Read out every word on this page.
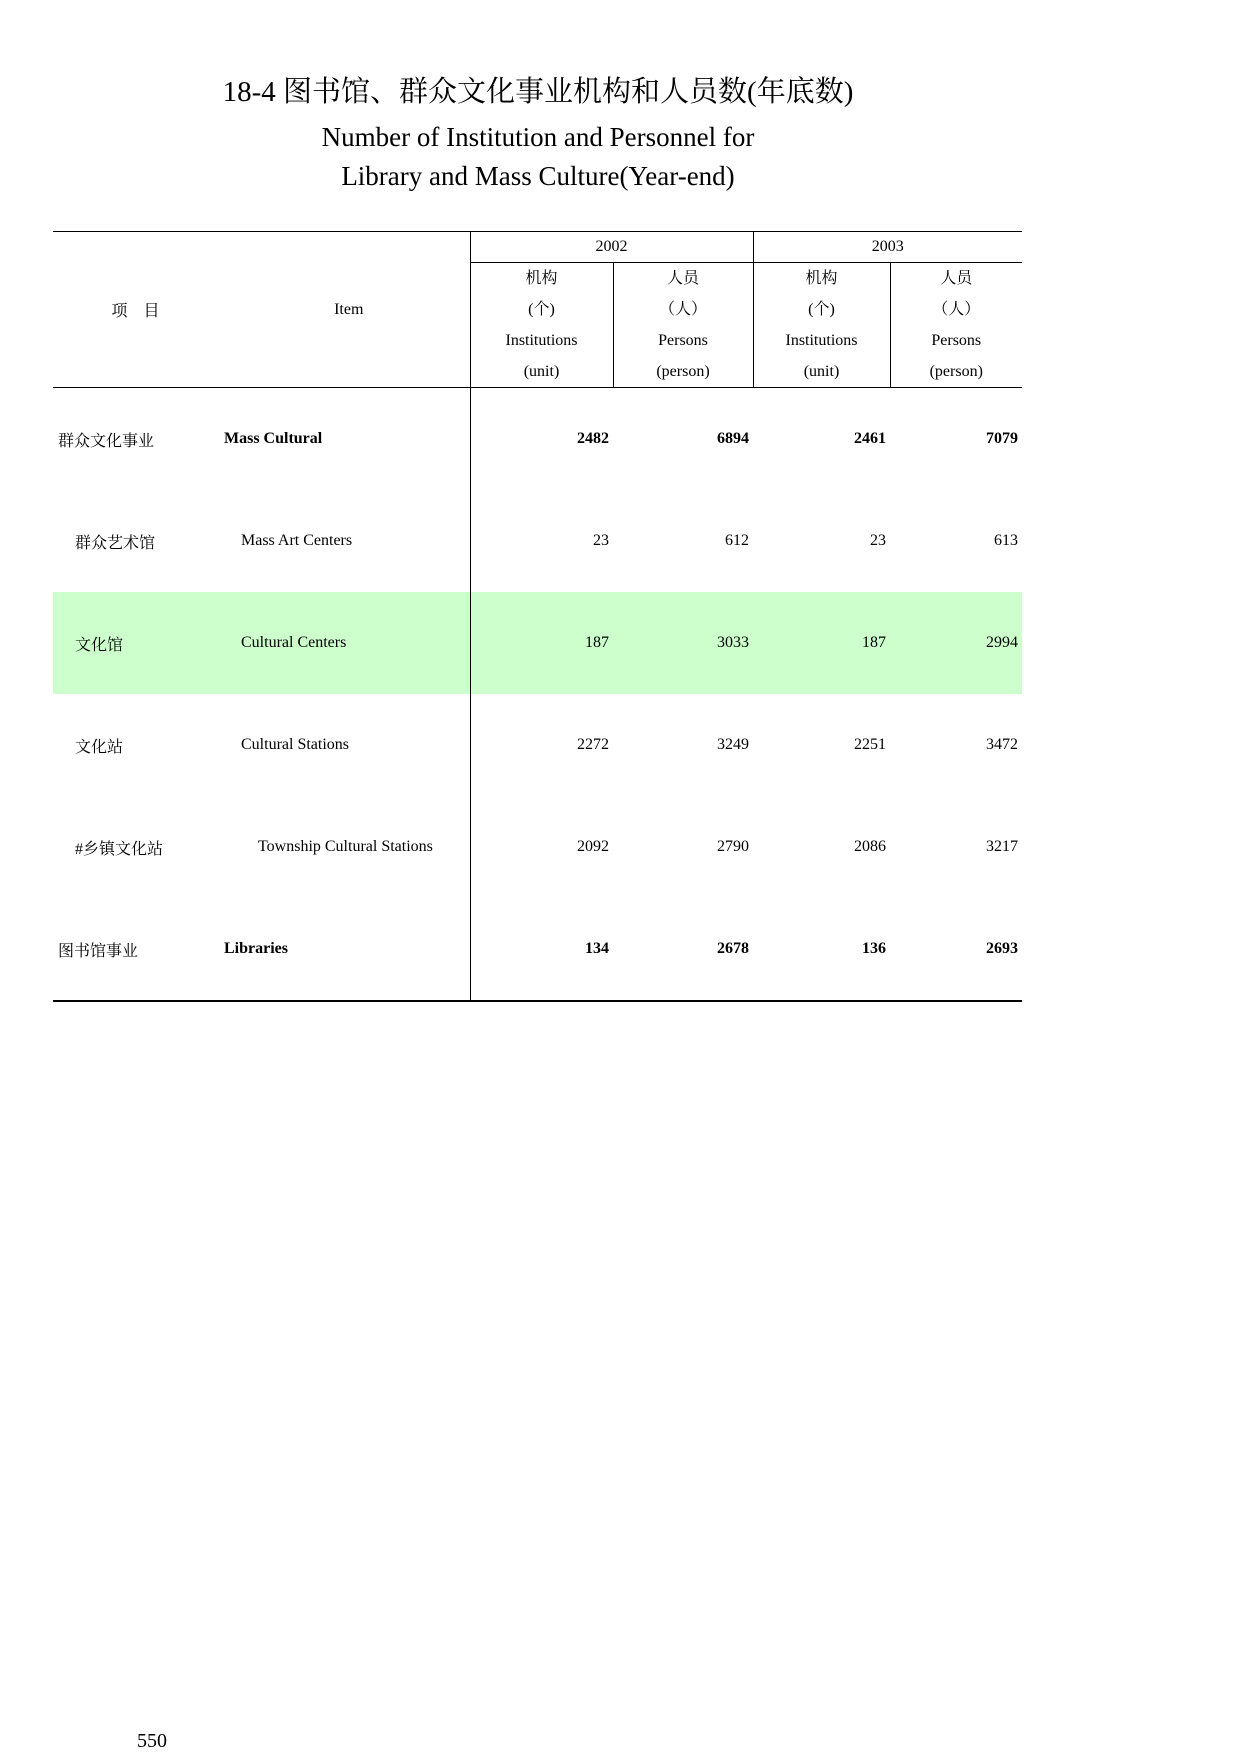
18-4 图书馆、群众文化事业机构和人员数(年底数)
Number of Institution and Personnel for
Library and Mass Culture(Year-end)
项　目	Item	2002		2003	
		机构	人员	机构	人员
		(个)	（人）	(个)	（人）
		Institutions	Persons	Institutions	Persons
		(unit)	(person)	(unit)	(person)
群众文化事业	Mass Cultural	2482	6894	2461	7079
群众艺术馆	Mass Art Centers	23	612	23	613
文化馆	Cultural Centers	187	3033	187	2994
文化站	Cultural Stations	2272	3249	2251	3472
#乡镇文化站	Township Cultural Stations	2092	2790	2086	3217
图书馆事业	Libraries	134	2678	136	2693
550
